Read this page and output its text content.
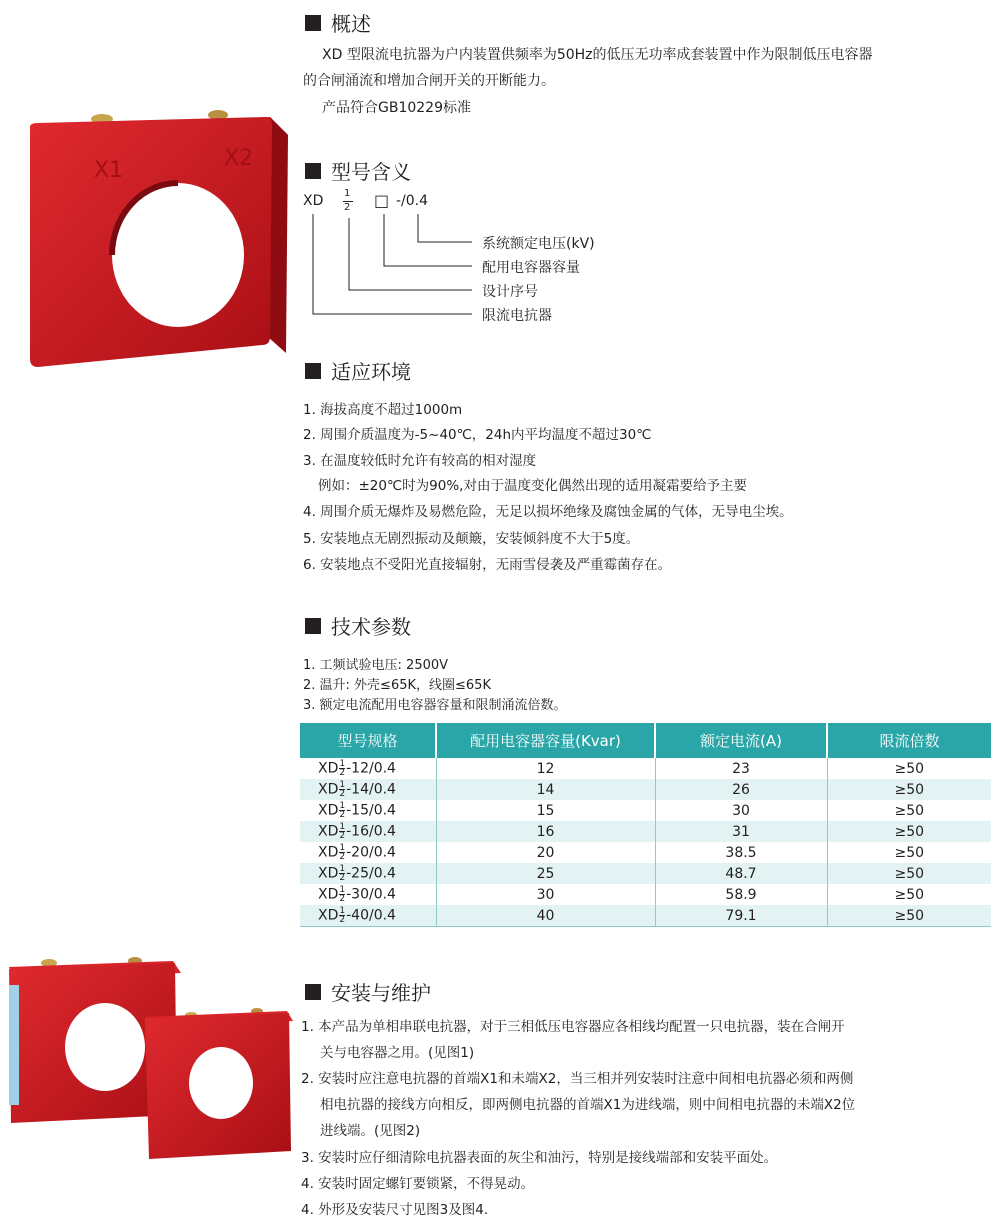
X1	X2
概述
XD 型限流电抗器为户内装置供频率为50Hz的低压无功率成套装置中作为限制低压电容器
的合闸涌流和增加合闸开关的开断能力。
产品符合GB10229标准
型号含义
XD 1
2 □ -/0.4
系统额定电压(kV)
配用电容器容量
设计序号
限流电抗器
适应环境
1. 海拔高度不超过1000m
2. 周围介质温度为-5~40℃，24h内平均温度不超过30℃
3. 在温度较低时允许有较高的相对湿度
例如：±20℃时为90%,对由于温度变化偶然出现的适用凝霜要给予主要
4. 周围介质无爆炸及易燃危险，无足以损坏绝缘及腐蚀金属的气体，无导电尘埃。
5. 安装地点无剧烈振动及颠簸，安装倾斜度不大于5度。
6. 安装地点不受阳光直接辐射，无雨雪侵袭及严重霉菌存在。
技术参数
1. 工频试验电压: 2500V
2. 温升: 外壳≤65K，线圈≤65K
3. 额定电流配用电容器容量和限制涌流倍数。
型号规格	配用电容器容量(Kvar)	额定电流(A)	限流倍数
XD $\frac{1}{2} -12/0.4$	12	23	≥50
XD $\frac{1}{2} -14/0.4$	14	26	≥50
XD $\frac{1}{2} -15/0.4$	15	30	≥50
XD $\frac{1}{2} -16/0.4$	16	31	≥50
XD $\frac{1}{2} -20/0.4$	20	38.5	≥50
XD $\frac{1}{2} -25/0.4$	25	48.7	≥50
XD $\frac{1}{2} -30/0.4$	30	58.9	≥50
XD $\frac{1}{2} -40/0.4$	40	79.1	≥50
安装与维护
1. 本产品为单相串联电抗器，对于三相低压电容器应各相线均配置一只电抗器，装在合闸开
关与电容器之用。(见图1)
2. 安装时应注意电抗器的首端X1和未端X2，当三相并列安装时注意中间相电抗器必须和两侧
相电抗器的接线方向相反，即两侧电抗器的首端X1为进线端，则中间相电抗器的未端X2位
进线端。(见图2)
3. 安装时应仔细清除电抗器表面的灰尘和油污，特别是接线端部和安装平面处。
4. 安装时固定螺钉要锁紧，不得晃动。
4. 外形及安装尺寸见图3及图4.
